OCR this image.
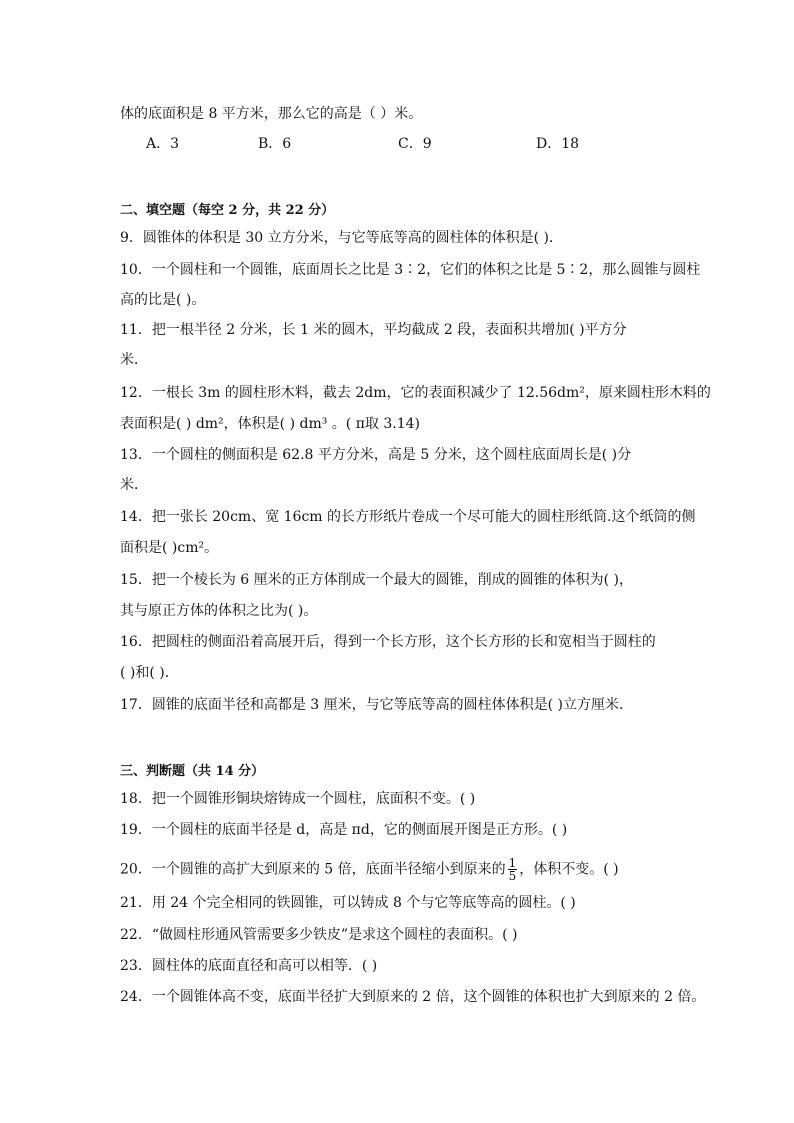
体的底面积是 8 平方米，那么它的高是（ ）米。
A．3	B．6	C．9	D．18
二、填空题（每空 2 分，共 22 分）
9．圆锥体的体积是 30 立方分米，与它等底等高的圆柱体的体积是( )．
10．一个圆柱和一个圆锥，底面周长之比是 3∶2，它们的体积之比是 5∶2，那么圆锥与圆柱
高的比是( )。
11．把一根半径 2 分米，长 1 米的圆木，平均截成 2 段，表面积共增加( )平方分
米．
12．一根长 3m 的圆柱形木料，截去 2dm，它的表面积减少了 12.56dm²，原来圆柱形木料的
表面积是( ) dm²，体积是( ) dm³ 。( π取 3.14)
13．一个圆柱的侧面积是 62.8 平方分米，高是 5 分米，这个圆柱底面周长是( )分
米．
14．把一张长 20cm、宽 16cm 的长方形纸片卷成一个尽可能大的圆柱形纸筒.这个纸筒的侧
面积是( )cm²。
15．把一个棱长为 6 厘米的正方体削成一个最大的圆锥，削成的圆锥的体积为( )，
其与原正方体的体积之比为( )。
16．把圆柱的侧面沿着高展开后，得到一个长方形，这个长方形的长和宽相当于圆柱的
( )和( )．
17．圆锥的底面半径和高都是 3 厘米，与它等底等高的圆柱体体积是( )立方厘米．
三、判断题（共 14 分）
18．把一个圆锥形铜块熔铸成一个圆柱，底面积不变。( )
19．一个圆柱的底面半径是 d，高是 πd，它的侧面展开图是正方形。( )
20．一个圆锥的高扩大到原来的 5 倍，底面半径缩小到原来的 $\frac{1}{5}$ ，体积不变。( )
21．用 24 个完全相同的铁圆锥，可以铸成 8 个与它等底等高的圆柱。( )
22．“做圆柱形通风管需要多少铁皮”是求这个圆柱的表面积。( )
23．圆柱体的底面直径和高可以相等．( )
24．一个圆锥体高不变，底面半径扩大到原来的 2 倍，这个圆锥的体积也扩大到原来的 2 倍。
